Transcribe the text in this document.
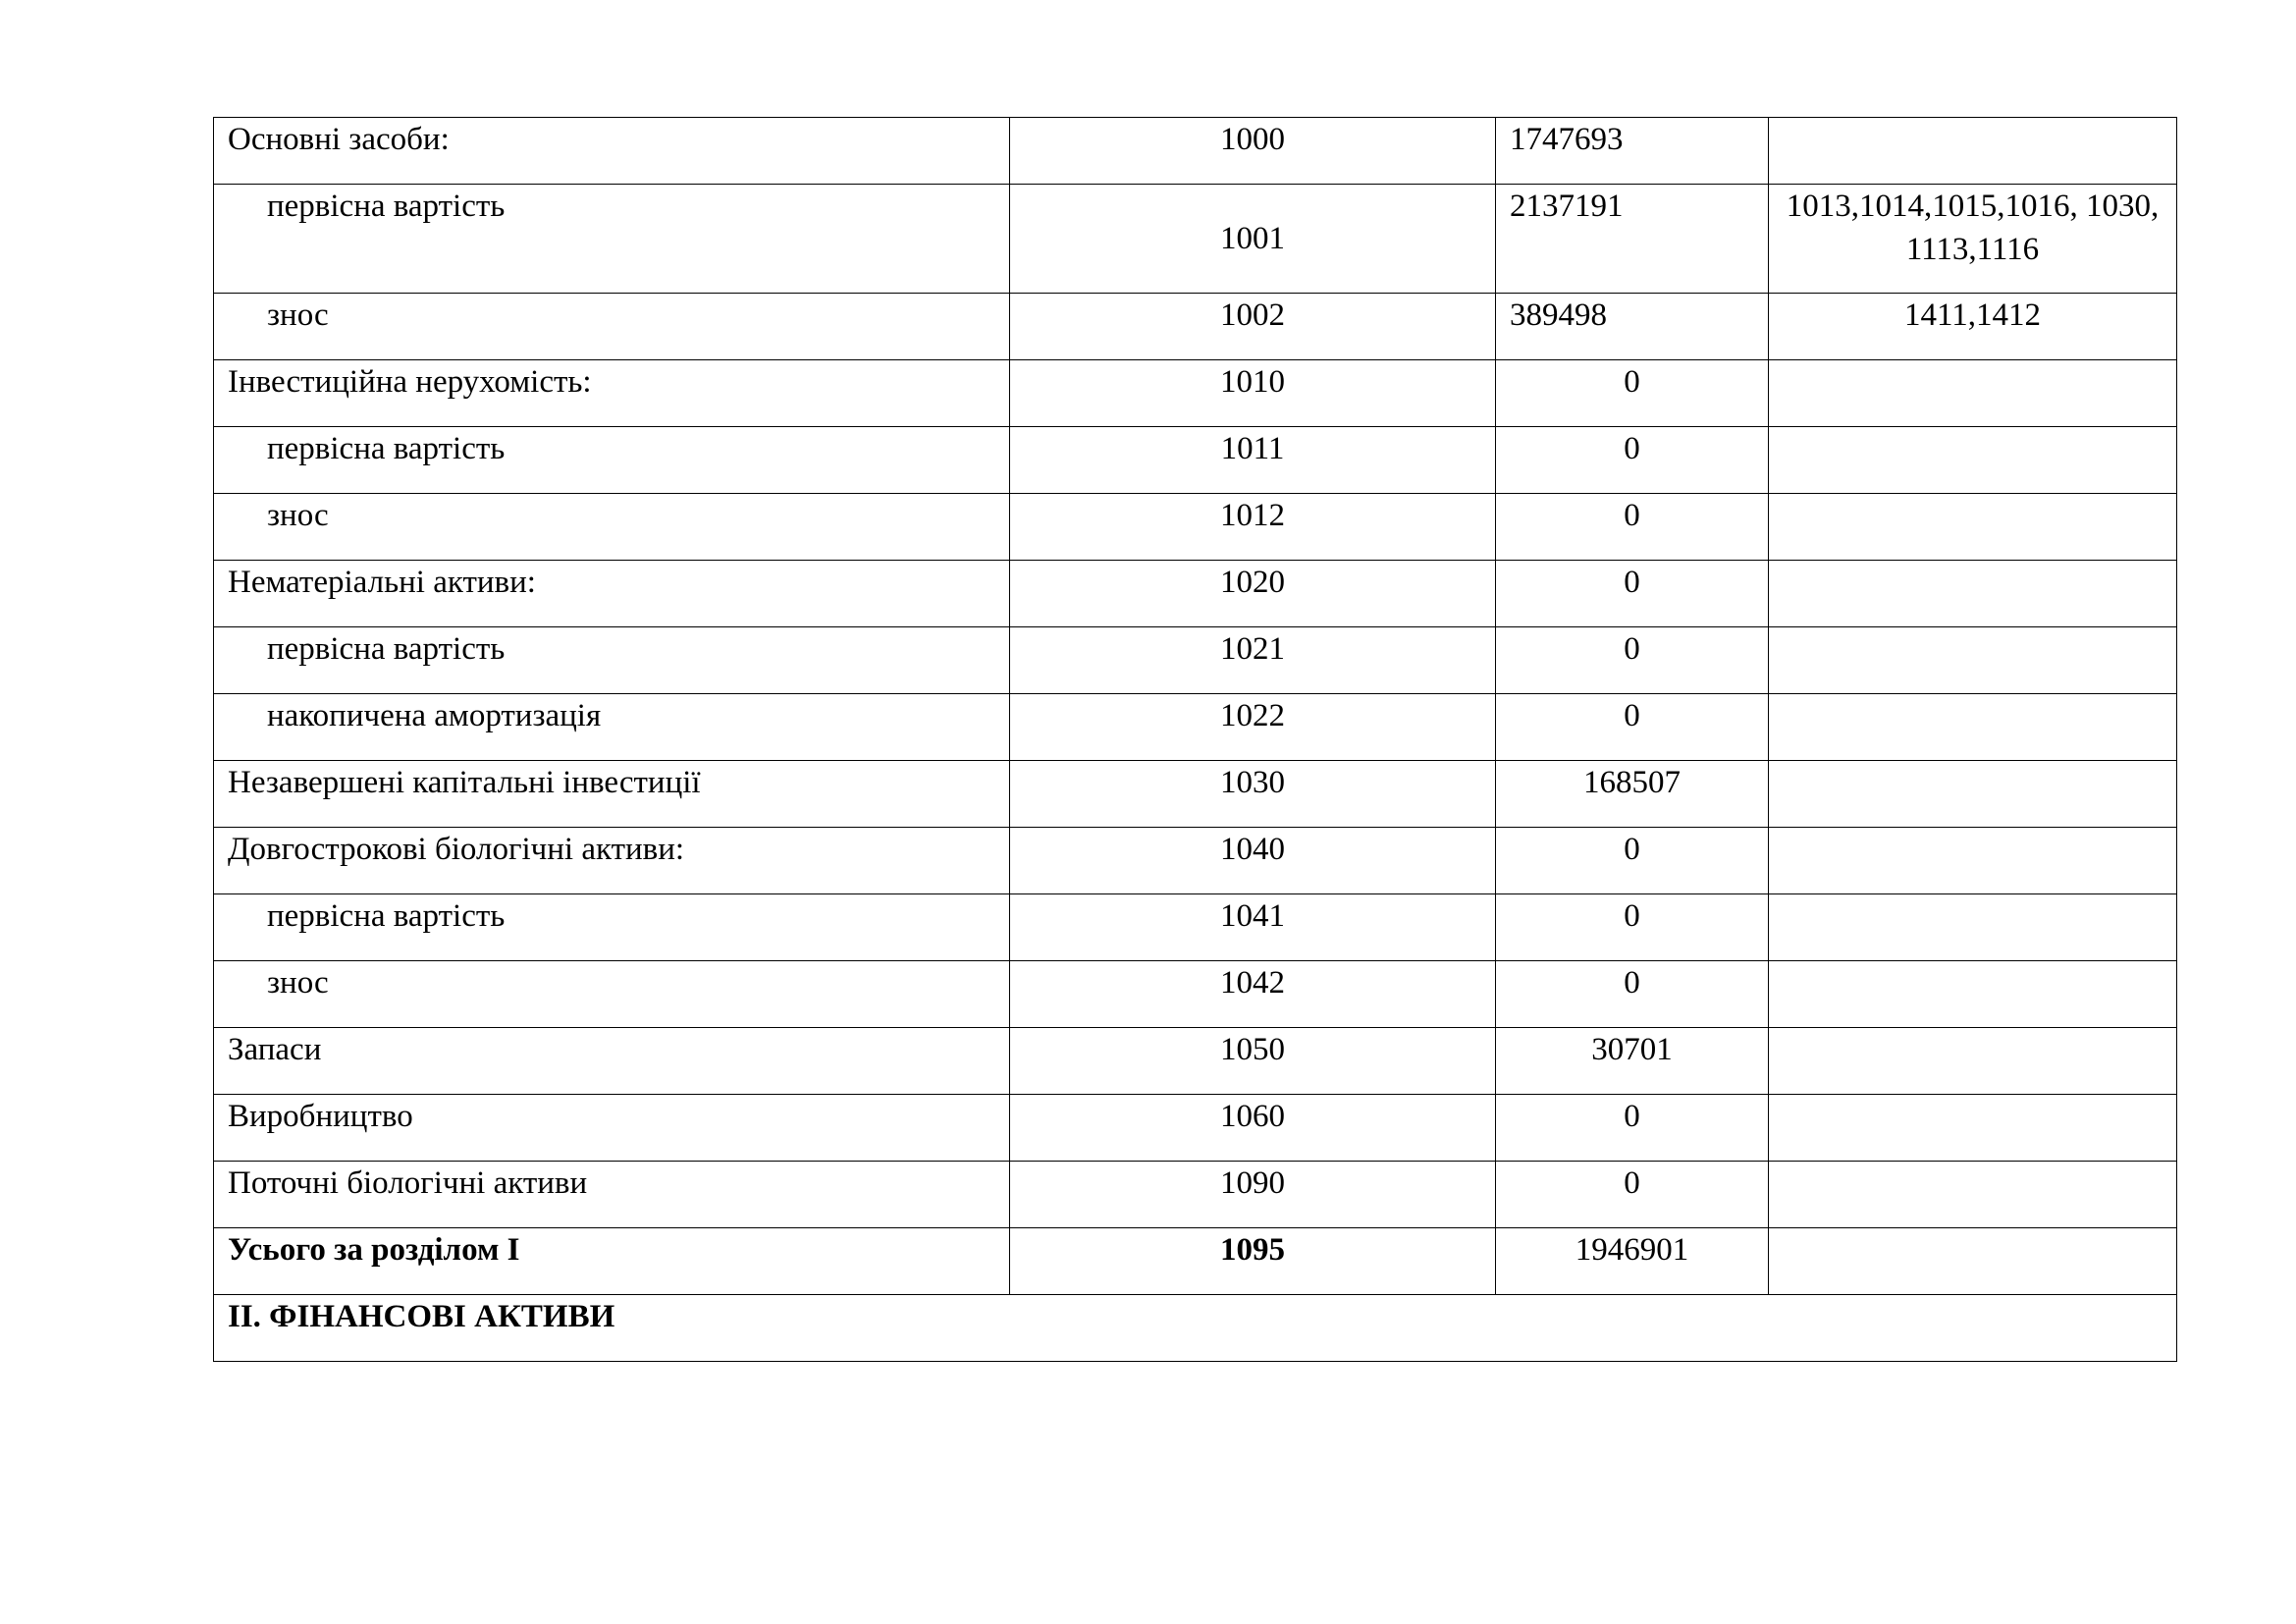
Основні засоби:	1000	1747693	
первісна вартість	1001	2137191	1013,1014,1015,1016, 1030, 1113,1116
знос	1002	389498	1411,1412
Інвестиційна нерухомість:	1010	0	
первісна вартість	1011	0	
знос	1012	0	
Нематеріальні активи:	1020	0	
первісна вартість	1021	0	
накопичена амортизація	1022	0	
Незавершені капітальні інвестиції	1030	168507	
Довгострокові біологічні активи:	1040	0	
первісна вартість	1041	0	
знос	1042	0	
Запаси	1050	30701	
Виробництво	1060	0	
Поточні біологічні активи	1090	0	
Усього за розділом І	1095	1946901	
ІІ. ФІНАНСОВІ АКТИВИ			
